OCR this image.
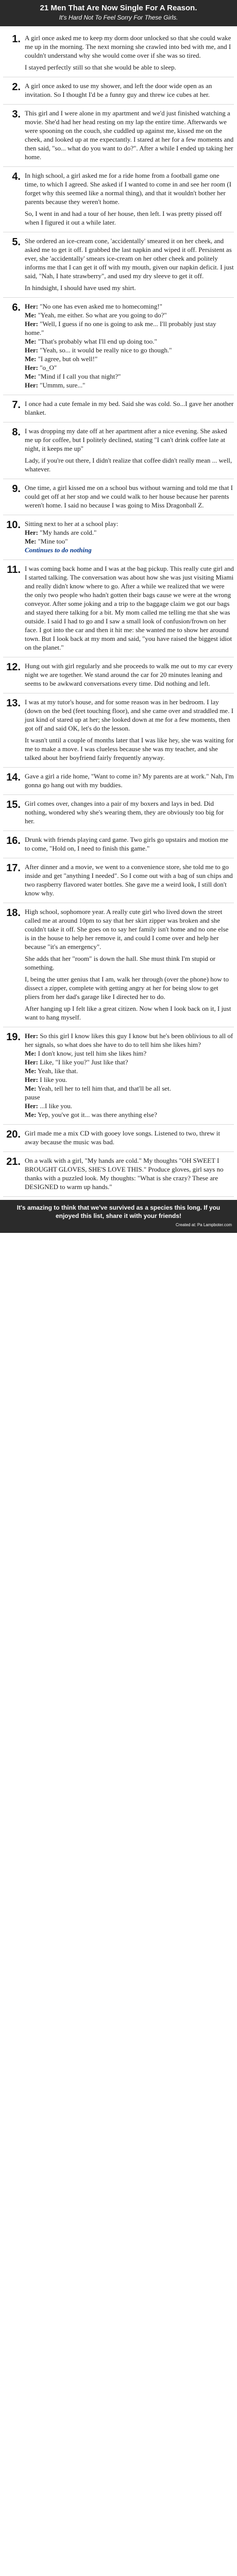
21 Men That Are Now Single For A Reason.
It's Hard Not To Feel Sorry For These Girls.
1. A girl once asked me to keep my dorm door unlocked so that she could wake me up in the morning. The next morning she crawled into bed with me, and I couldn't understand why she would come over if she was so tired.

I stayed perfectly still so that she would be able to sleep.

2. A girl once asked to use my shower, and left the door wide open as an invitation. So I thought I'd be a funny guy and threw ice cubes at her.

3. This girl and I were alone in my apartment and we'd just finished watching a movie. She'd had her head resting on my lap the entire time. Afterwards we were spooning on the couch, she cuddled up against me, kissed me on the cheek, and looked up at me expectantly. I stared at her for a few moments and then said, "so... what do you want to do?". After a while I ended up taking her home.

4. In high school, a girl asked me for a ride home from a football game one time, to which I agreed. She asked if I wanted to come in and see her room (I forget why this seemed like a normal thing), and that it wouldn't bother her parents because they weren't home.

So, I went in and had a tour of her house, then left. I was pretty pissed off when I figured it out a while later.

5. She ordered an ice-cream cone, 'accidentally' smeared it on her cheek, and asked me to get it off. I grabbed the last napkin and wiped it off. Persistent as ever, she 'accidentally' smears ice-cream on her other cheek and politely informs me that I can get it off with my mouth, given our napkin deficit. I just said, "Nah, I hate strawberry", and used my dry sleeve to get it off.

In hindsight, I should have used my shirt.

6. Her: "No one has even asked me to homecoming!"

Me: "Yeah, me either. So what are you going to do?"

Her: "Well, I guess if no one is going to ask me... I'll probably just stay home."

Me: "That's probably what I'll end up doing too."

Her: "Yeah, so... it would be really nice to go though."

Me: "I agree, but oh well!"

Her: "o_O"

Me: "Mind if I call you that night?"

Her: "Ummm, sure..."

7. I once had a cute female in my bed. Said she was cold. So...I gave her another blanket.

8. I was dropping my date off at her apartment after a nice evening. She asked me up for coffee, but I politely declined, stating "I can't drink coffee late at night, it keeps me up"

Lady, if you're out there, I didn't realize that coffee didn't really mean ... well, whatever.

9. One time, a girl kissed me on a school bus without warning and told me that I could get off at her stop and we could walk to her house because her parents weren't home. I said no because I was going to Miss Dragonball Z.

10. Sitting next to her at a school play:

Her: "My hands are cold."

Me: "Mine too"

Continues to do nothing

11. I was coming back home and I was at the bag pickup. This really cute girl and I started talking. The conversation was about how she was just visiting Miami and really didn't know where to go. After a while we realized that we were the only two people who hadn't gotten their bags cause we were at the wrong conveyor. After some joking and a trip to the baggage claim we got our bags and stayed there talking for a bit. My mom called me telling me that she was outside. I said I had to go and I saw a small look of confusion/frown on her face. I got into the car and then it hit me: she wanted me to show her around town. But I look back at my mom and said, "you have raised the biggest idiot on the planet."

12. Hung out with girl regularly and she proceeds to walk me out to my car every night we are together. We stand around the car for 20 minutes leaning and seems to be awkward conversations every time. Did nothing and left.

13. I was at my tutor's house, and for some reason was in her bedroom. I lay (down on the bed (feet touching floor), and she came over and straddled me. I just kind of stared up at her; she looked down at me for a few moments, then got off and said OK, let's do the lesson.

It wasn't until a couple of months later that I was like hey, she was waiting for me to make a move. I was clueless because she was my teacher, and she talked about her boyfriend fairly frequently anyway.

14. Gave a girl a ride home, "Want to come in? My parents are at work." Nah, I'm gonna go hang out with my buddies.

15. Girl comes over, changes into a pair of my boxers and lays in bed. Did nothing, wondered why she's wearing them, they are obviously too big for her.

16. Drunk with friends playing card game. Two girls go upstairs and motion me to come, "Hold on, I need to finish this game."

17. After dinner and a movie, we went to a convenience store, she told me to go inside and get "anything I needed". So I come out with a bag of sun chips and two raspberry flavored water bottles. She gave me a weird look, I still don't know why.

18. High school, sophomore year. A really cute girl who lived down the street called me at around 10pm to say that her skirt zipper was broken and she couldn't take it off. She goes on to say her family isn't home and no one else is in the house to help her remove it, and could I come over and help her because "it's an emergency".

She adds that her "room" is down the hall. She must think I'm stupid or something.

I, being the utter genius that I am, walk her through (over the phone) how to dissect a zipper, complete with getting angry at her for being slow to get pliers from her dad's garage like I directed her to do.

After hanging up I felt like a great citizen. Now when I look back on it, I just want to hang myself.

19. Her: So this girl I know likes this guy I know but he's been oblivious to all of her signals, so what does she have to do to tell him she likes him?

Me: I don't know, just tell him she likes him?

Her: Like, "I like you?" Just like that?

Me: Yeah, like that.

Her: I like you.

Me: Yeah, tell her to tell him that, and that'll be all set.

pause

Her: ...I like you.

Me: Yep, you've got it... was there anything else?

20. Girl made me a mix CD with gooey love songs. Listened to two, threw it away because the music was bad.

21. On a walk with a girl, "My hands are cold." My thoughts "OH SWEET I BROUGHT GLOVES, SHE'S LOVE THIS." Produce gloves, girl says no thanks with a puzzled look. My thoughts: "What is she crazy? These are DESIGNED to warm up hands."

It's amazing to think that we've survived as a species this long. If you enjoyed this list, share it with your friends!
Created at: Pa Lampboter.com
